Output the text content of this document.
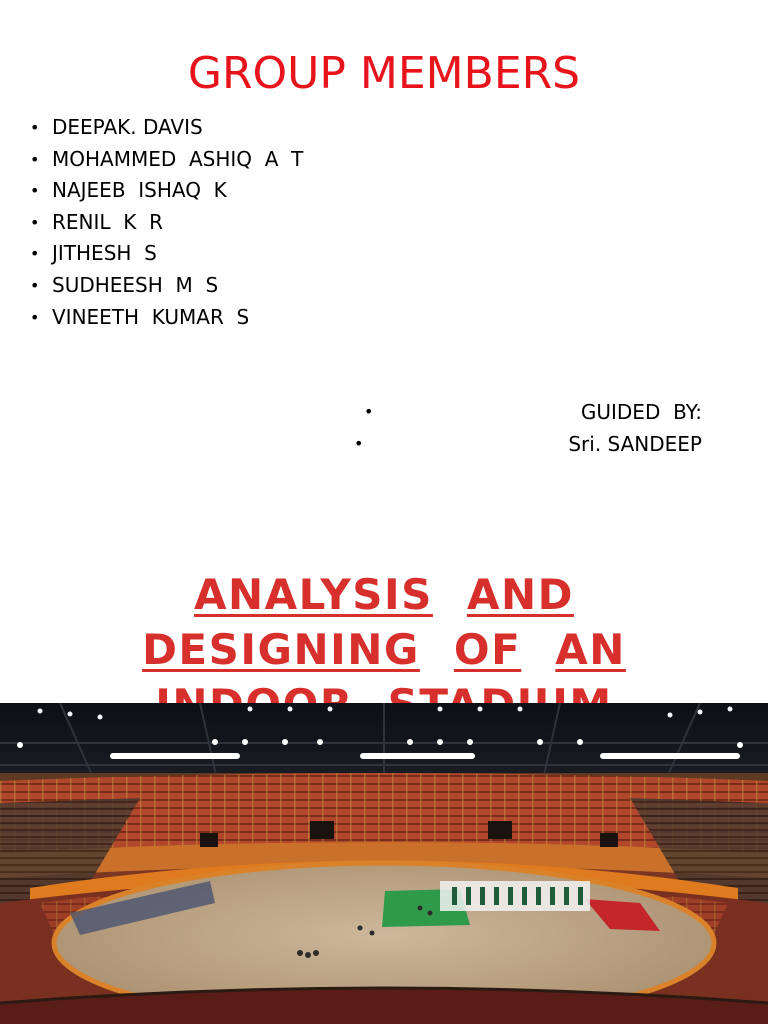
GROUP MEMBERS
• DEEPAK. DAVIS
• MOHAMMED  ASHIQ  A  T
• NAJEEB  ISHAQ  K
• RENIL  K  R
• JITHESH  S
• SUDHEESH  M  S
• VINEETH  KUMAR  S
•	GUIDED  BY:
•	Sri. SANDEEP
ANALYSIS AND
DESIGNING OF AN
